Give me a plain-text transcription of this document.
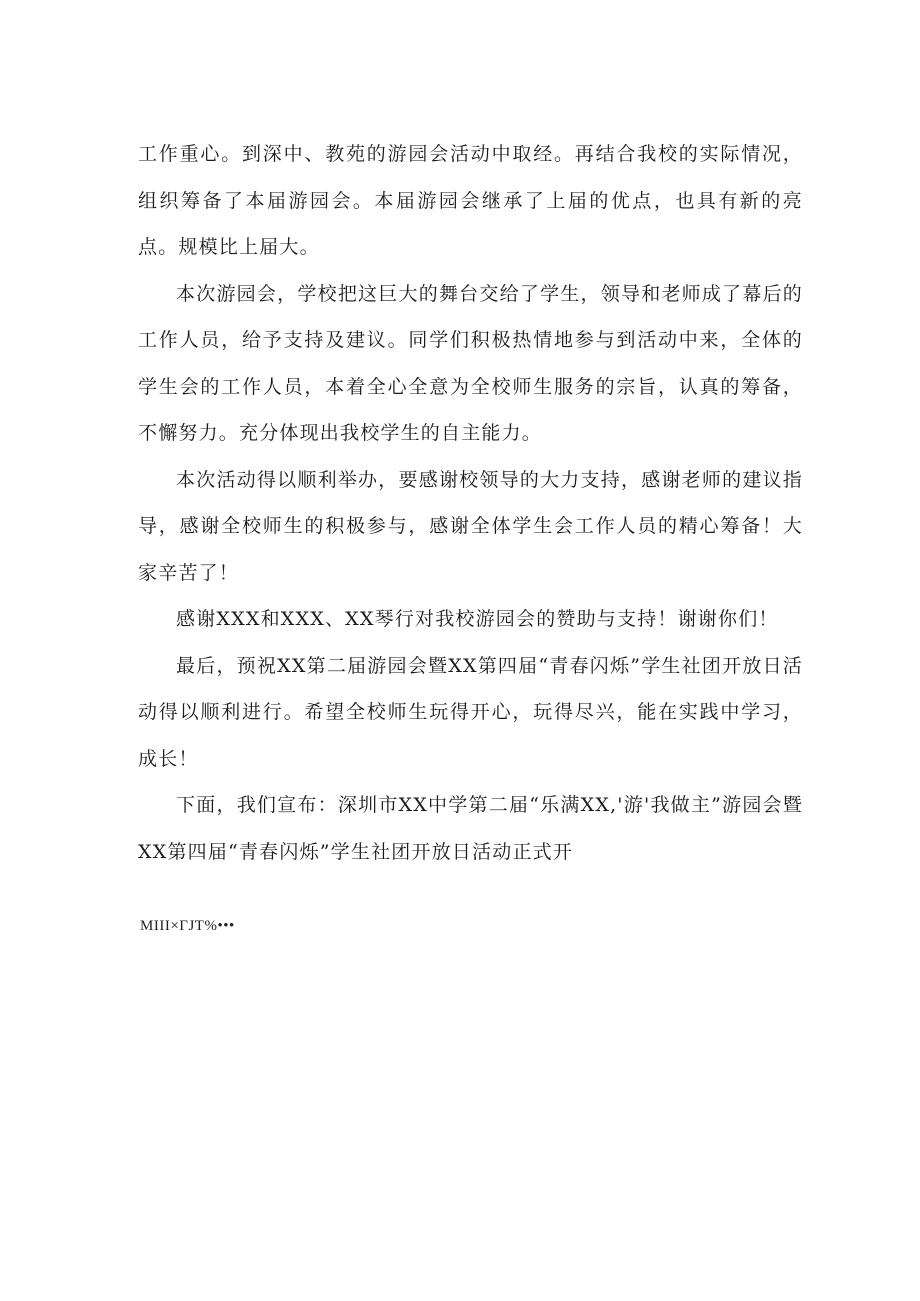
工作重心。到深中、教苑的游园会活动中取经。再结合我校的实际情况，组织筹备了本届游园会。本届游园会继承了上届的优点，也具有新的亮点。规模比上届大。

本次游园会，学校把这巨大的舞台交给了学生，领导和老师成了幕后的工作人员，给予支持及建议。同学们积极热情地参与到活动中来，全体的学生会的工作人员，本着全心全意为全校师生服务的宗旨，认真的筹备，不懈努力。充分体现出我校学生的自主能力。

本次活动得以顺利举办，要感谢校领导的大力支持，感谢老师的建议指导，感谢全校师生的积极参与，感谢全体学生会工作人员的精心筹备！大家辛苦了！

感谢XXX和XXX、XX琴行对我校游园会的赞助与支持！谢谢你们！

最后，预祝XX第二届游园会暨XX第四届“青春闪烁”学生社团开放日活动得以顺利进行。希望全校师生玩得开心，玩得尽兴，能在实践中学习，成长！

下面，我们宣布：深圳市XX中学第二届“乐满XX,'游'我做主”游园会暨XX第四届“青春闪烁”学生社团开放日活动正式开

MIII×ΓJT%•••
